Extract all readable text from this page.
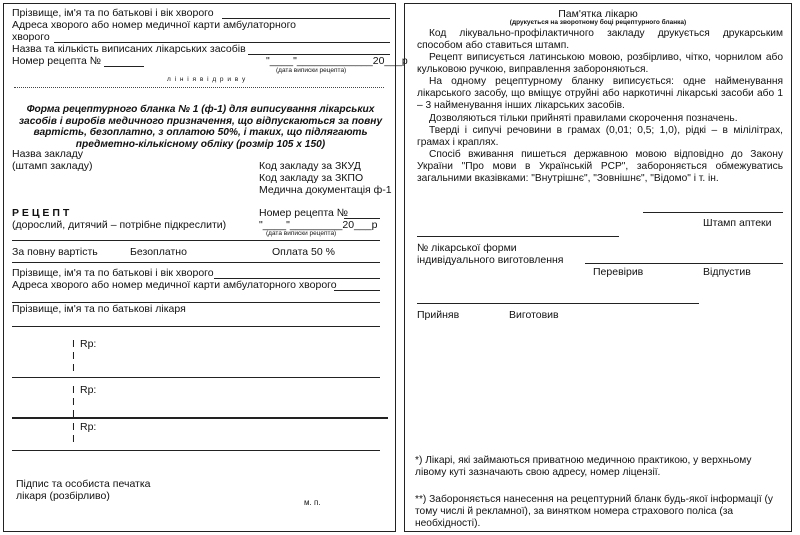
Прізвище, ім'я та по батькові і вік хворого
Адреса хворого або номер медичної карти амбулаторного
хворого
Назва та кількість виписаних лікарських засобів
Номер рецепта №	"____"_____________20___р
(дата виписки рецепта)
л і н і я в і д р и в у
Форма рецептурного бланка № 1 (ф-1) для виписування лікарських засобів і виробів медичного призначення, що відпускаються за повну вартість, безоплатно, з оплатою 50%, і таких, що підлягають предметно-кількісному обліку (розмір 105 х 150)
Назва закладу
(штамп закладу)	Код закладу за ЗКУД
Код закладу за ЗКПО
Медична документація ф-1
Р Е Ц Е П Т
(дорослий, дитячий – потрібне підкреслити)
Номер рецепта №
"____"_________20___р
(дата виписки рецепта)
За повну вартість	Безоплатно	Оплата 50 %
Прізвище, ім'я та по батькові і вік хворого
Адреса хворого або номер медичної карти амбулаторного хворого
Прізвище, ім'я та по батькові лікаря
I Rp:
I
I
I Rp:
I
I
I Rp:
I
Підпис та особиста печатка
лікаря (розбірливо)
м. п.
Пам'ятка лікарю
(друкується на зворотному боці рецептурного бланка)
Код лікувально-профілактичного закладу друкується друкарським способом або ставиться штамп.
Рецепт виписується латинською мовою, розбірливо, чітко, чорнилом або кульковою ручкою, виправлення забороняються.
На одному рецептурному бланку виписується: одне найменування лікарського засобу, що вміщує отруйні або наркотичні лікарські засоби або 1 – 3 найменування інших лікарських засобів.
Дозволяються тільки прийняті правилами скорочення позначень.
Тверді і сипучі речовини в грамах (0,01; 0,5; 1,0), рідкі – в мілілітрах, грамах і краплях.
Спосіб вживання пишеться державною мовою відповідно до Закону України "Про мови в Українській РСР", забороняється обмежуватись загальними вказівками: "Внутрішнє", "Зовнішнє", "Відомо" і т. ін.
Штамп аптеки
№ лікарської форми
індивідуального виготовлення
Перевірив	Відпустив
Прийняв	Виготовив
*) Лікарі, які займаються приватною медичною практикою, у верхньому лівому куті зазначають свою адресу, номер ліцензії.
**) Забороняється нанесення на рецептурний бланк будь-якої інформації (у тому числі й рекламної), за винятком номера страхового поліса (за необхідності).
